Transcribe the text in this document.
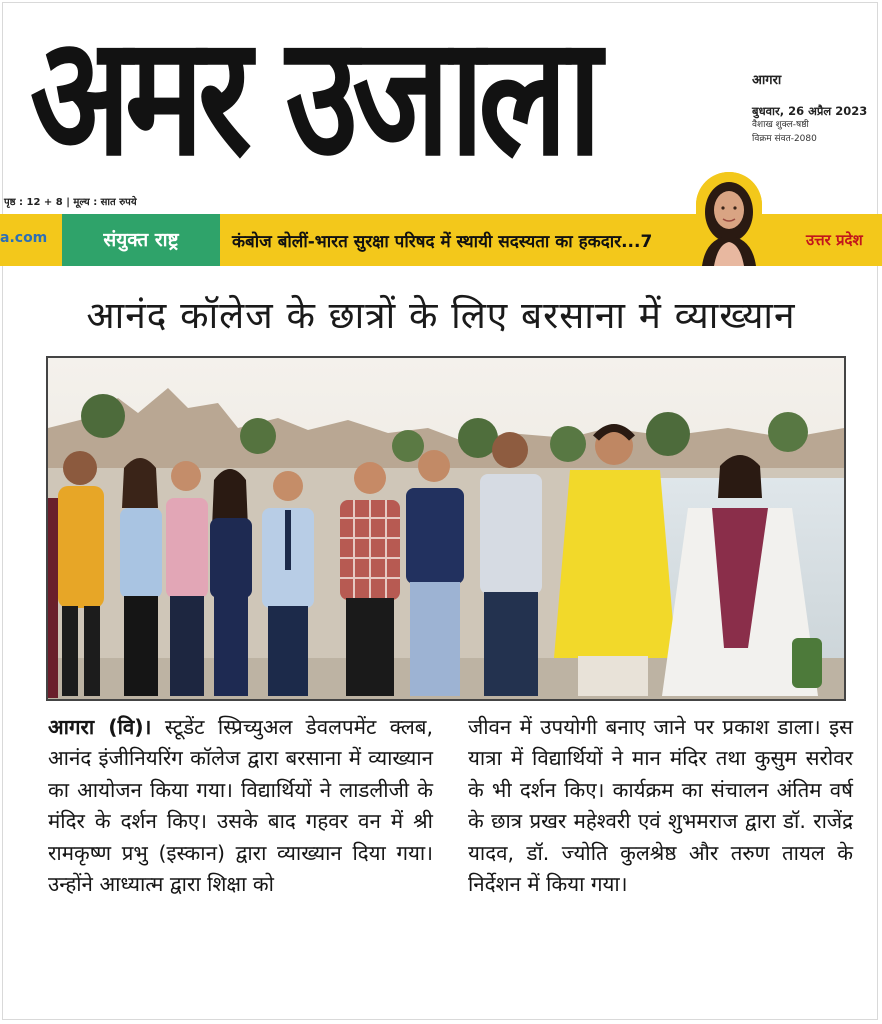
अमर उजाला	आगरा
बुधवार, 26 अप्रैल 2023
वैशाख शुक्ल-षष्ठी
विक्रम संवत-2080
पृष्ठ : 12 + 8 | मूल्य : सात रुपये
a.com	संयुक्त राष्ट्र	कंबोज बोलीं-भारत सुरक्षा परिषद में स्थायी सदस्यता का हकदार...7	उत्तर प्रदेश
आनंद कॉलेज के छात्रों के लिए बरसाना में व्याख्यान

आगरा (वि)। स्टूडेंट स्प्रिच्युअल डेवलपमेंट क्लब, आनंद इंजीनियरिंग कॉलेज द्वारा बरसाना में व्याख्यान का आयोजन किया गया। विद्यार्थियों ने लाडलीजी के मंदिर के दर्शन किए। उसके बाद गहवर वन में श्री रामकृष्ण प्रभु (इस्कान) द्वारा व्याख्यान दिया गया। उन्होंने आध्यात्म द्वारा शिक्षा को

जीवन में उपयोगी बनाए जाने पर प्रकाश डाला। इस यात्रा में विद्यार्थियों ने मान मंदिर तथा कुसुम सरोवर के भी दर्शन किए। कार्यक्रम का संचालन अंतिम वर्ष के छात्र प्रखर महेश्वरी एवं शुभमराज द्वारा डॉ. राजेंद्र यादव, डॉ. ज्योति कुलश्रेष्ठ और तरुण तायल के निर्देशन में किया गया।
